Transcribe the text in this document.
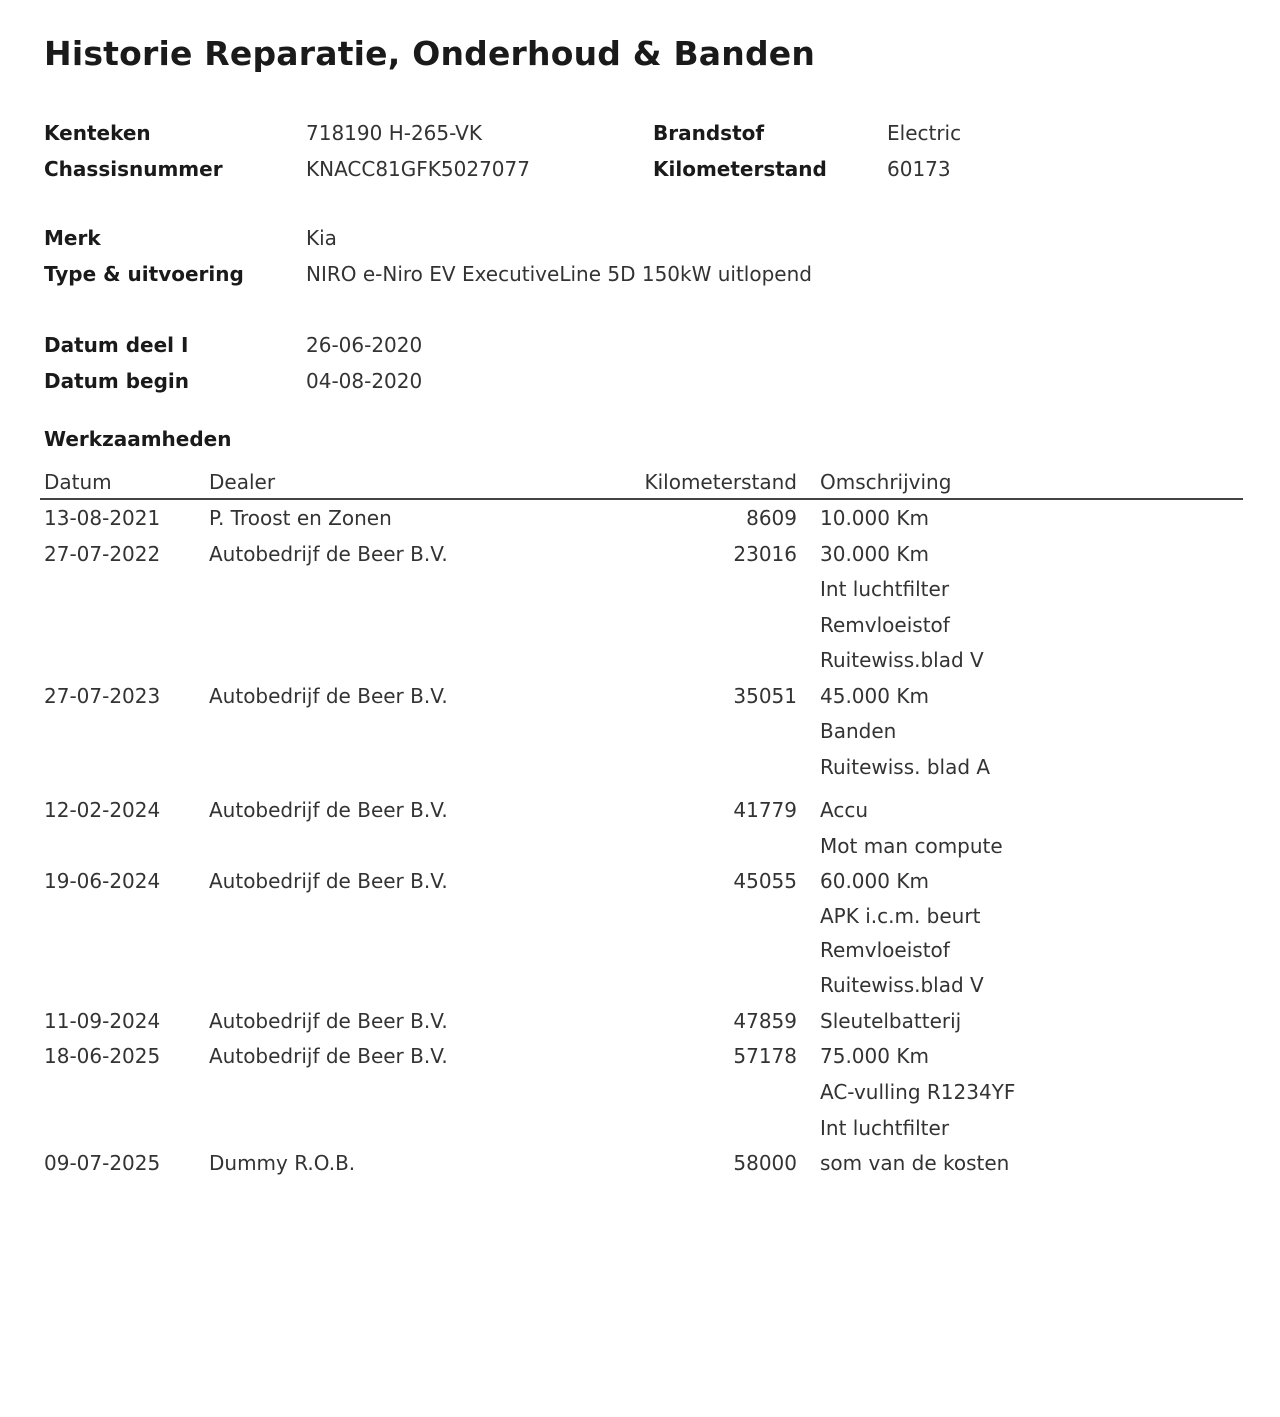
Historie Reparatie, Onderhoud & Banden
Kenteken	718190 H-265-VK	Brandstof	Electric
Chassisnummer	KNACC81GFK5027077	Kilometerstand	60173
Merk	Kia
Type & uitvoering	NIRO e-Niro EV ExecutiveLine 5D 150kW uitlopend
Datum deel I	26-06-2020
Datum begin	04-08-2020
Werkzaamheden
Datum	Dealer	Kilometerstand Omschrijving
13-08-2021 P. Troost en Zonen	8609 10.000 Km
27-07-2022 Autobedrijf de Beer B.V.	23016 30.000 Km
Int luchtfilter
Remvloeistof
Ruitewiss.blad V
27-07-2023 Autobedrijf de Beer B.V.	35051 45.000 Km
Banden
Ruitewiss. blad A
12-02-2024 Autobedrijf de Beer B.V.	41779 Accu
Mot man compute
19-06-2024 Autobedrijf de Beer B.V.	45055 60.000 Km
APK i.c.m. beurt
Remvloeistof
Ruitewiss.blad V
11-09-2024 Autobedrijf de Beer B.V.	47859 Sleutelbatterij
18-06-2025 Autobedrijf de Beer B.V.	57178 75.000 Km
AC-vulling R1234YF
Int luchtfilter
09-07-2025 Dummy R.O.B.	58000 som van de kosten
